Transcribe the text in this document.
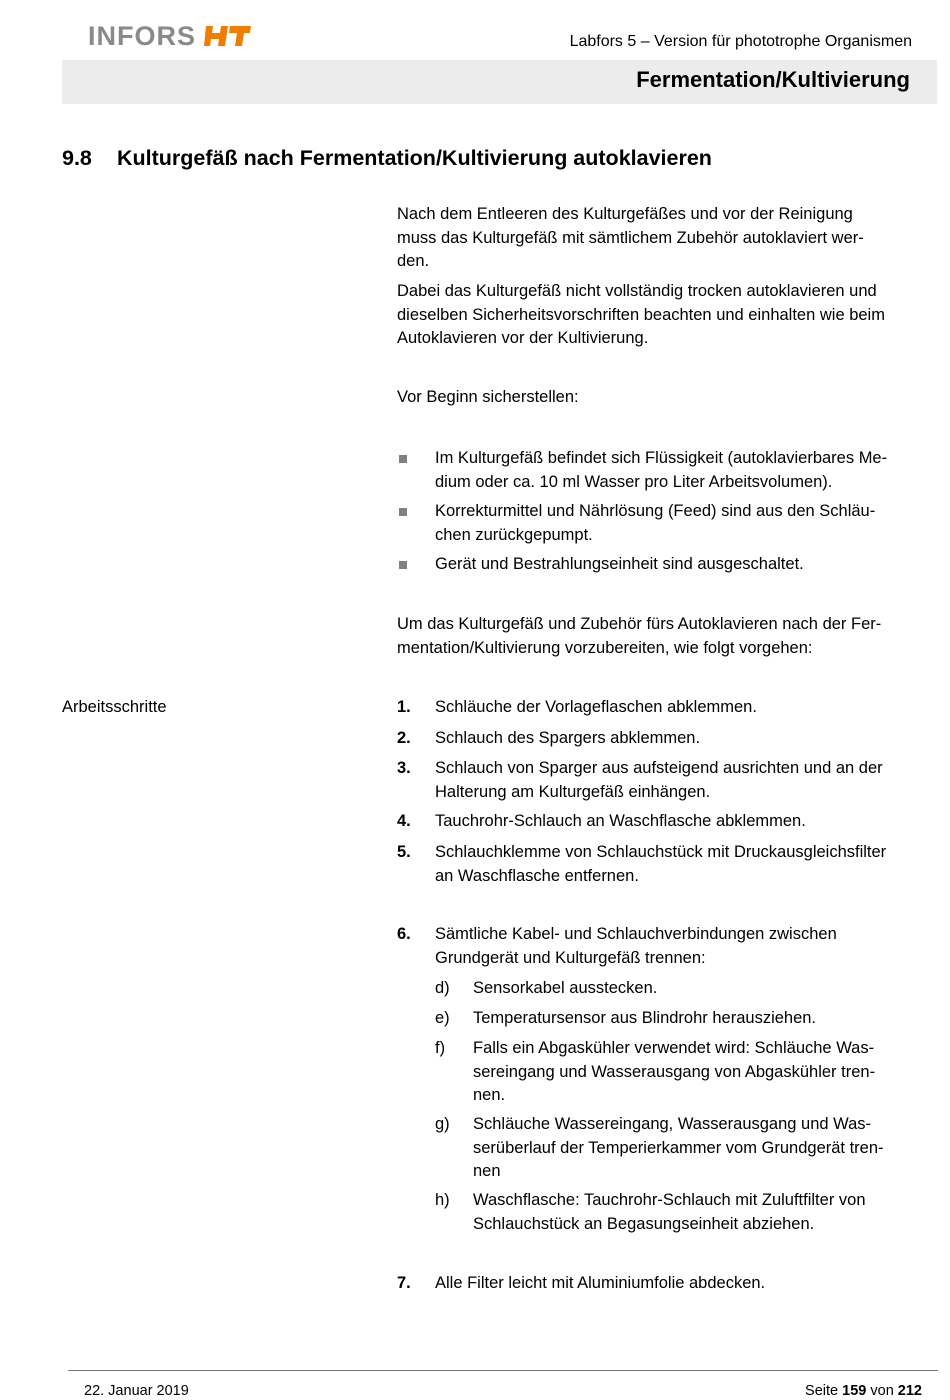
INFORS	Labfors 5 – Version für phototrophe Organismen
Fermentation/Kultivierung
9.8 Kulturgefäß nach Fermentation/Kultivierung autoklavieren
Nach dem Entleeren des Kulturgefäßes und vor der Reinigung
muss das Kulturgefäß mit sämtlichem Zubehör autoklaviert wer-
den.
Dabei das Kulturgefäß nicht vollständig trocken autoklavieren und
dieselben Sicherheitsvorschriften beachten und einhalten wie beim
Autoklavieren vor der Kultivierung.
Vor Beginn sicherstellen:
Im Kulturgefäß befindet sich Flüssigkeit (autoklavierbares Me-
dium oder ca. 10 ml Wasser pro Liter Arbeitsvolumen).
Korrekturmittel und Nährlösung (Feed) sind aus den Schläu-
chen zurückgepumpt.
Gerät und Bestrahlungseinheit sind ausgeschaltet.
Um das Kulturgefäß und Zubehör fürs Autoklavieren nach der Fer-
mentation/Kultivierung vorzubereiten, wie folgt vorgehen:
Arbeitsschritte	1. Schläuche der Vorlageflaschen abklemmen.
2. Schlauch des Spargers abklemmen.
3. Schlauch von Sparger aus aufsteigend ausrichten und an der
Halterung am Kulturgefäß einhängen.
4. Tauchrohr-Schlauch an Waschflasche abklemmen.
5. Schlauchklemme von Schlauchstück mit Druckausgleichsfilter
an Waschflasche entfernen.
6. Sämtliche Kabel- und Schlauchverbindungen zwischen
Grundgerät und Kulturgefäß trennen:
d) Sensorkabel ausstecken.
e) Temperatursensor aus Blindrohr herausziehen.
f) Falls ein Abgaskühler verwendet wird: Schläuche Was-
sereingang und Wasserausgang von Abgaskühler tren-
nen.
g) Schläuche Wassereingang, Wasserausgang und Was-
serüberlauf der Temperierkammer vom Grundgerät tren-
nen
h) Waschflasche: Tauchrohr-Schlauch mit Zuluftfilter von
Schlauchstück an Begasungseinheit abziehen.
7. Alle Filter leicht mit Aluminiumfolie abdecken.
22. Januar 2019	Seite 159 von 212
